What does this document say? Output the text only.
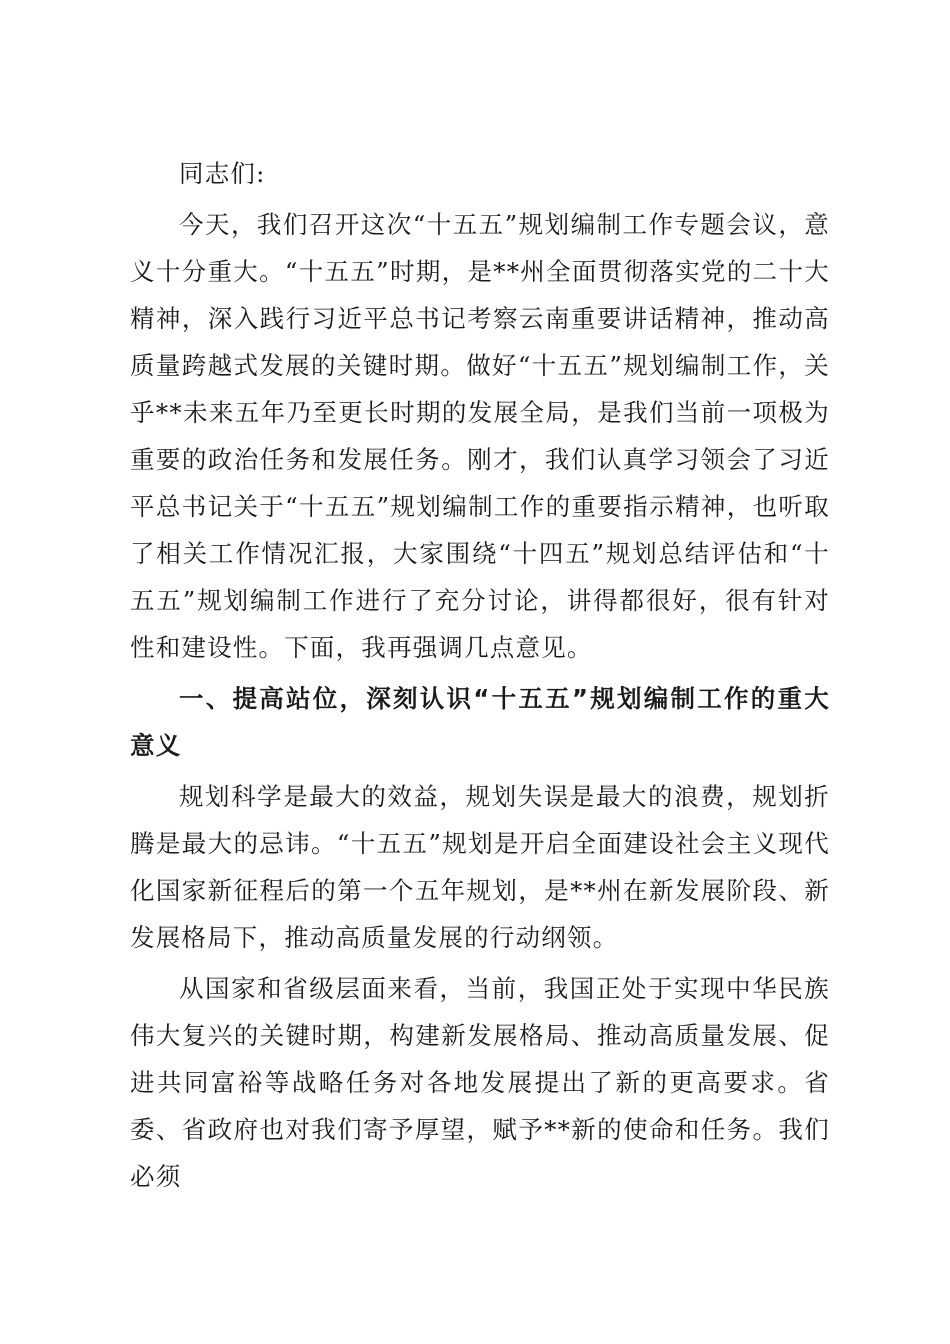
同志们:

今天，我们召开这次“十五五”规划编制工作专题会议，意义十分重大。“十五五”时期，是**州全面贯彻落实党的二十大精神，深入践行习近平总书记考察云南重要讲话精神，推动高质量跨越式发展的关键时期。做好“十五五”规划编制工作，关乎**未来五年乃至更长时期的发展全局，是我们当前一项极为重要的政治任务和发展任务。刚才，我们认真学习领会了习近平总书记关于“十五五”规划编制工作的重要指示精神，也听取了相关工作情况汇报，大家围绕“十四五”规划总结评估和“十五五”规划编制工作进行了充分讨论，讲得都很好，很有针对性和建设性。下面，我再强调几点意见。

一、提高站位，深刻认识“十五五”规划编制工作的重大意义

规划科学是最大的效益，规划失误是最大的浪费，规划折腾是最大的忌讳。“十五五”规划是开启全面建设社会主义现代化国家新征程后的第一个五年规划，是**州在新发展阶段、新发展格局下，推动高质量发展的行动纲领。

从国家和省级层面来看，当前，我国正处于实现中华民族伟大复兴的关键时期，构建新发展格局、推动高质量发展、促进共同富裕等战略任务对各地发展提出了新的更高要求。省委、省政府也对我们寄予厚望，赋予**新的使命和任务。我们必须
